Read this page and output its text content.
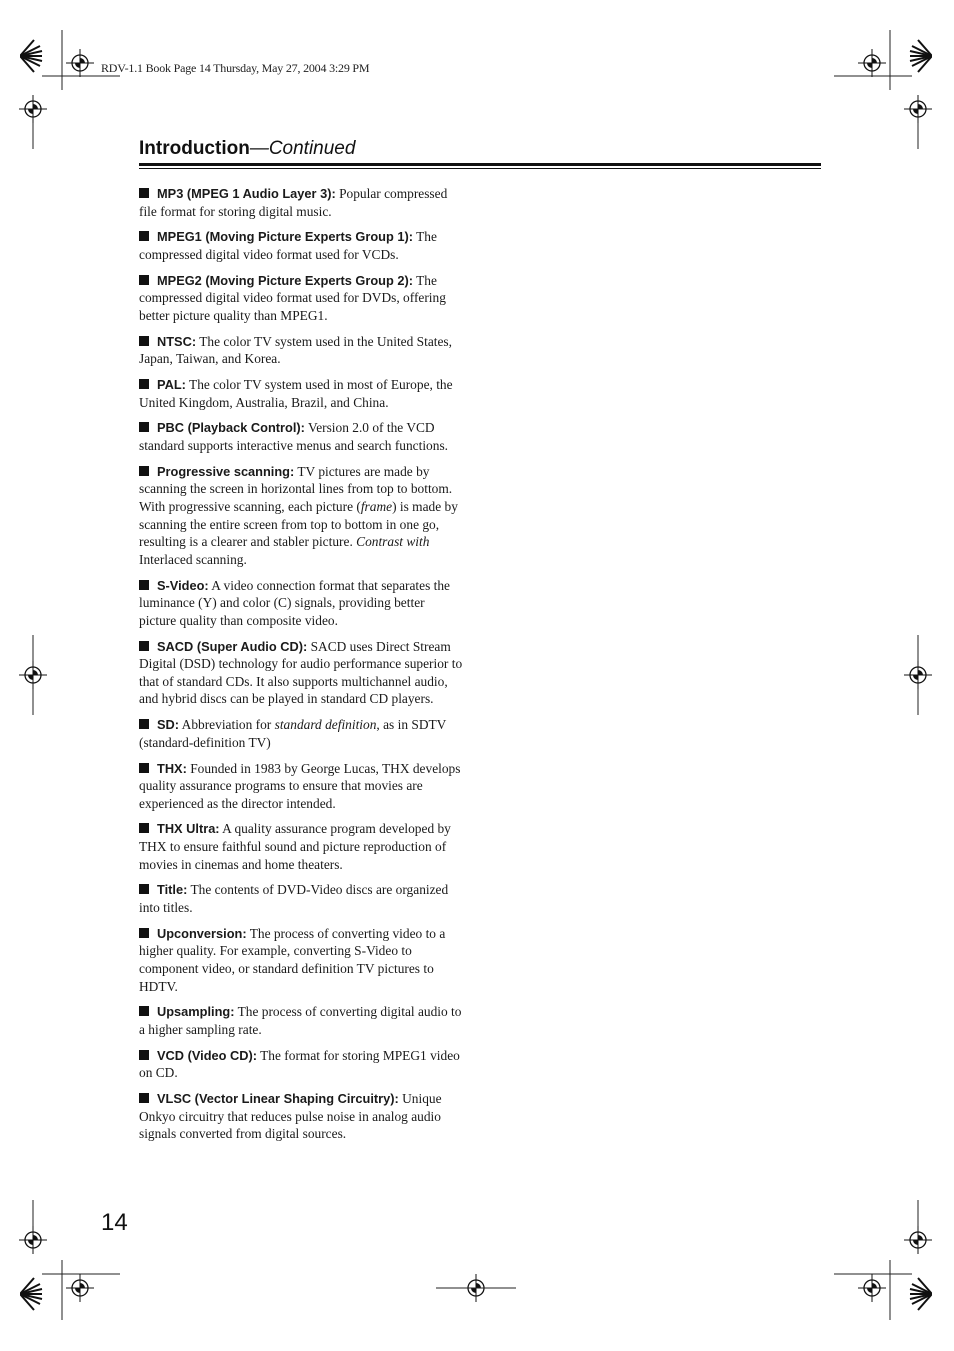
RDV-1.1 Book Page 14 Thursday, May 27, 2004 3:29 PM
Introduction—Continued

MP3 (MPEG 1 Audio Layer 3): Popular compressed file format for storing digital music.

MPEG1 (Moving Picture Experts Group 1): The compressed digital video format used for VCDs.

MPEG2 (Moving Picture Experts Group 2): The compressed digital video format used for DVDs, offering better picture quality than MPEG1.

NTSC: The color TV system used in the United States, Japan, Taiwan, and Korea.

PAL: The color TV system used in most of Europe, the United Kingdom, Australia, Brazil, and China.

PBC (Playback Control): Version 2.0 of the VCD standard supports interactive menus and search functions.

Progressive scanning: TV pictures are made by scanning the screen in horizontal lines from top to bottom. With progressive scanning, each picture (frame) is made by scanning the entire screen from top to bottom in one go, resulting is a clearer and stabler picture. Contrast with Interlaced scanning.

S-Video: A video connection format that separates the luminance (Y) and color (C) signals, providing better picture quality than composite video.

SACD (Super Audio CD): SACD uses Direct Stream Digital (DSD) technology for audio performance superior to that of standard CDs. It also supports multichannel audio, and hybrid discs can be played in standard CD players.

SD: Abbreviation for standard definition, as in SDTV (standard-definition TV)

THX: Founded in 1983 by George Lucas, THX develops quality assurance programs to ensure that movies are experienced as the director intended.

THX Ultra: A quality assurance program developed by THX to ensure faithful sound and picture reproduction of movies in cinemas and home theaters.

Title: The contents of DVD-Video discs are organized into titles.

Upconversion: The process of converting video to a higher quality. For example, converting S-Video to component video, or standard definition TV pictures to HDTV.

Upsampling: The process of converting digital audio to a higher sampling rate.

VCD (Video CD): The format for storing MPEG1 video on CD.

VLSC (Vector Linear Shaping Circuitry): Unique Onkyo circuitry that reduces pulse noise in analog audio signals converted from digital sources.

14
